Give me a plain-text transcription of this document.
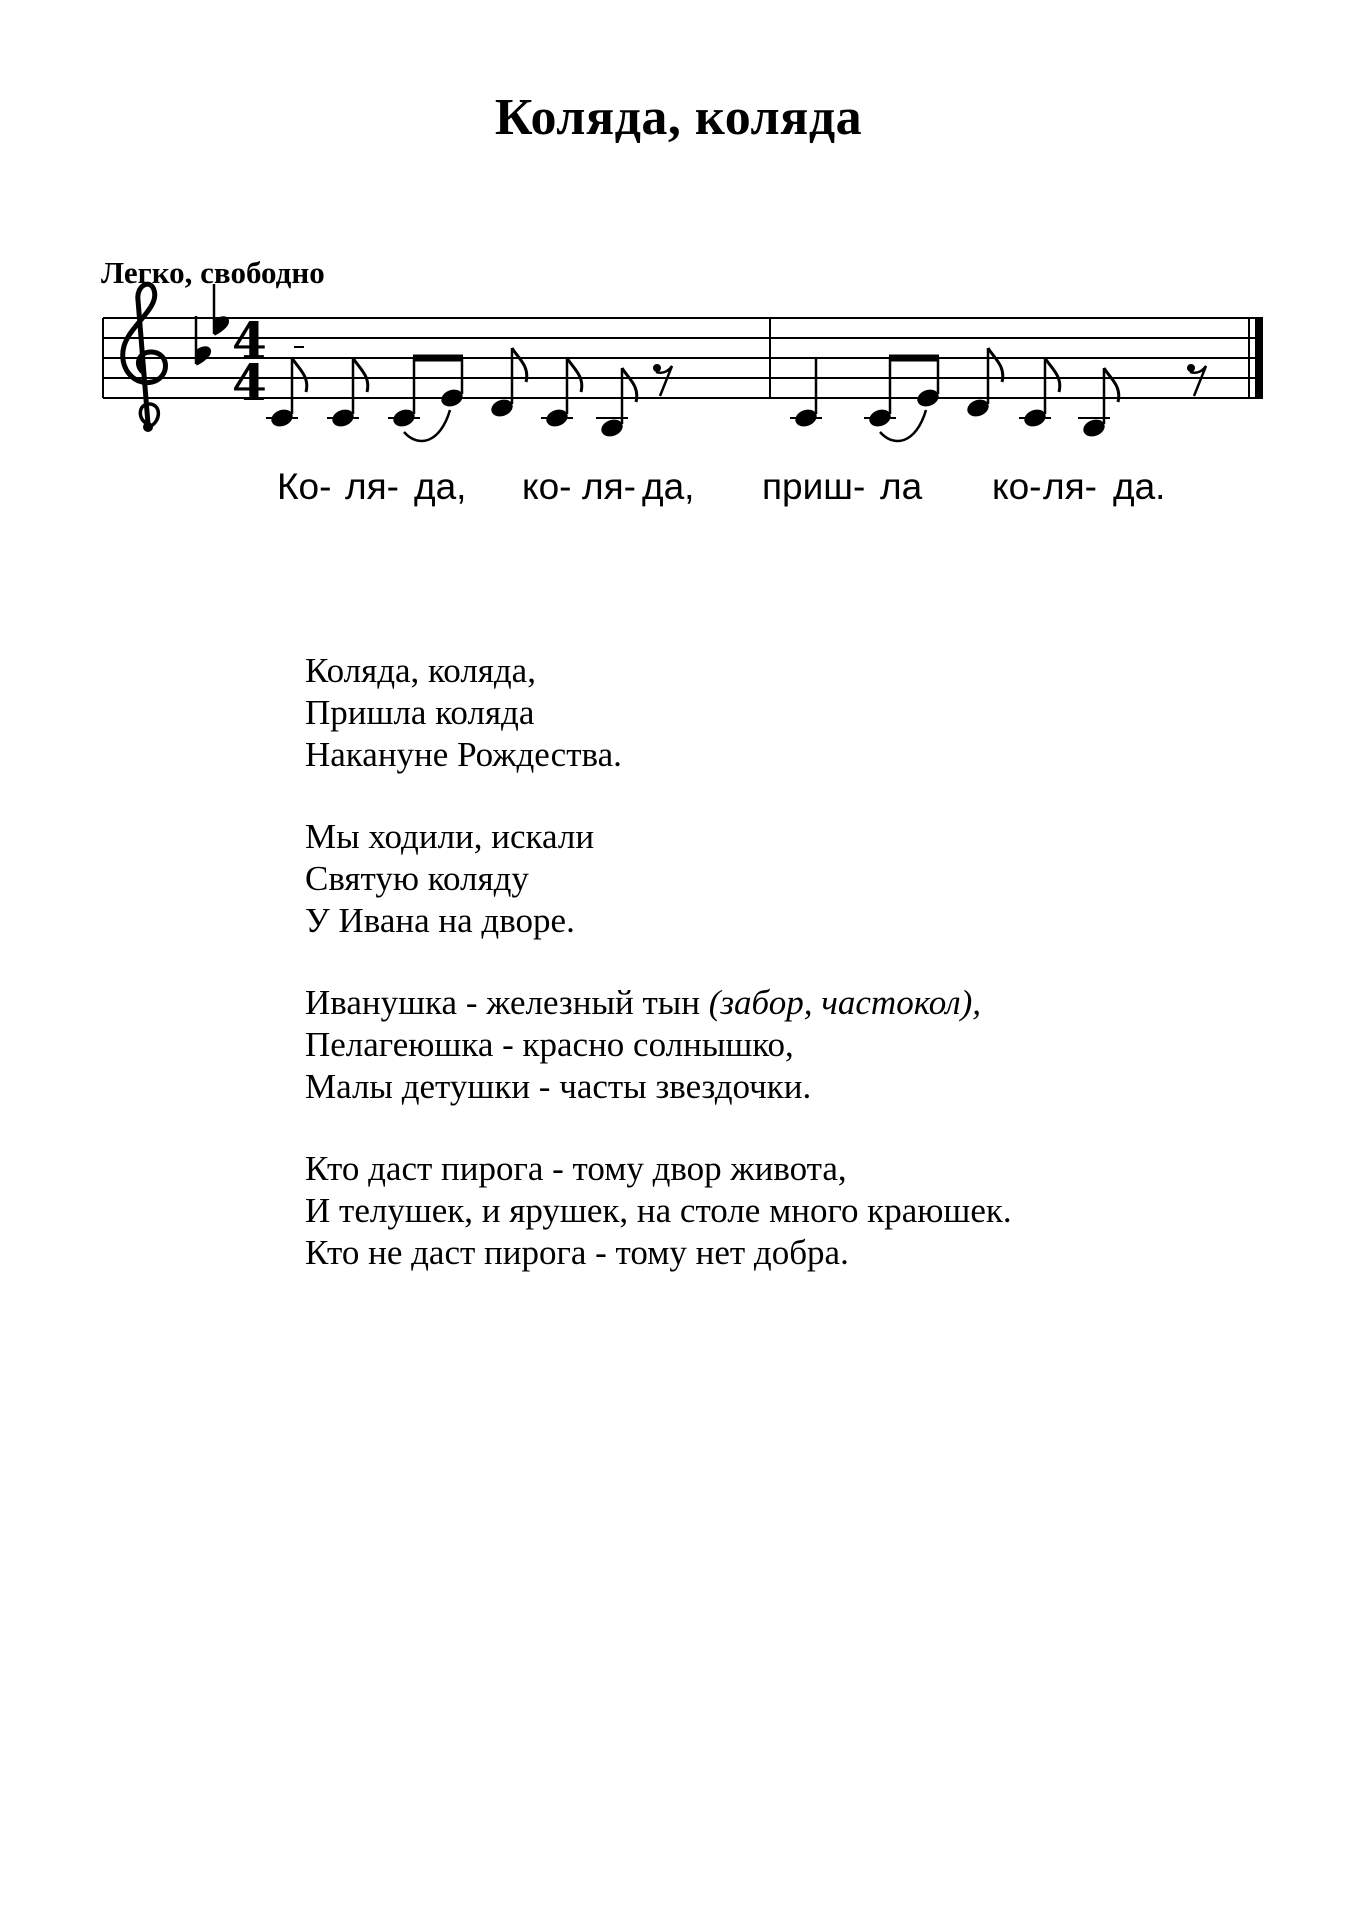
Коляда, коляда
Легко, свободно
4
4
Ко- ля- да, ко- ля- да, приш- ла ко- ля- да.
Коляда, коляда,
Пришла коляда
Накануне Рождества.
Мы ходили, искали
Святую коляду
У Ивана на дворе.
Иванушка - железный тын (забор, частокол),
Пелагеюшка - красно солнышко,
Малы детушки - часты звездочки.
Кто даст пирога - тому двор живота,
И телушек, и ярушек, на столе много краюшек.
Кто не даст пирога - тому нет добра.
